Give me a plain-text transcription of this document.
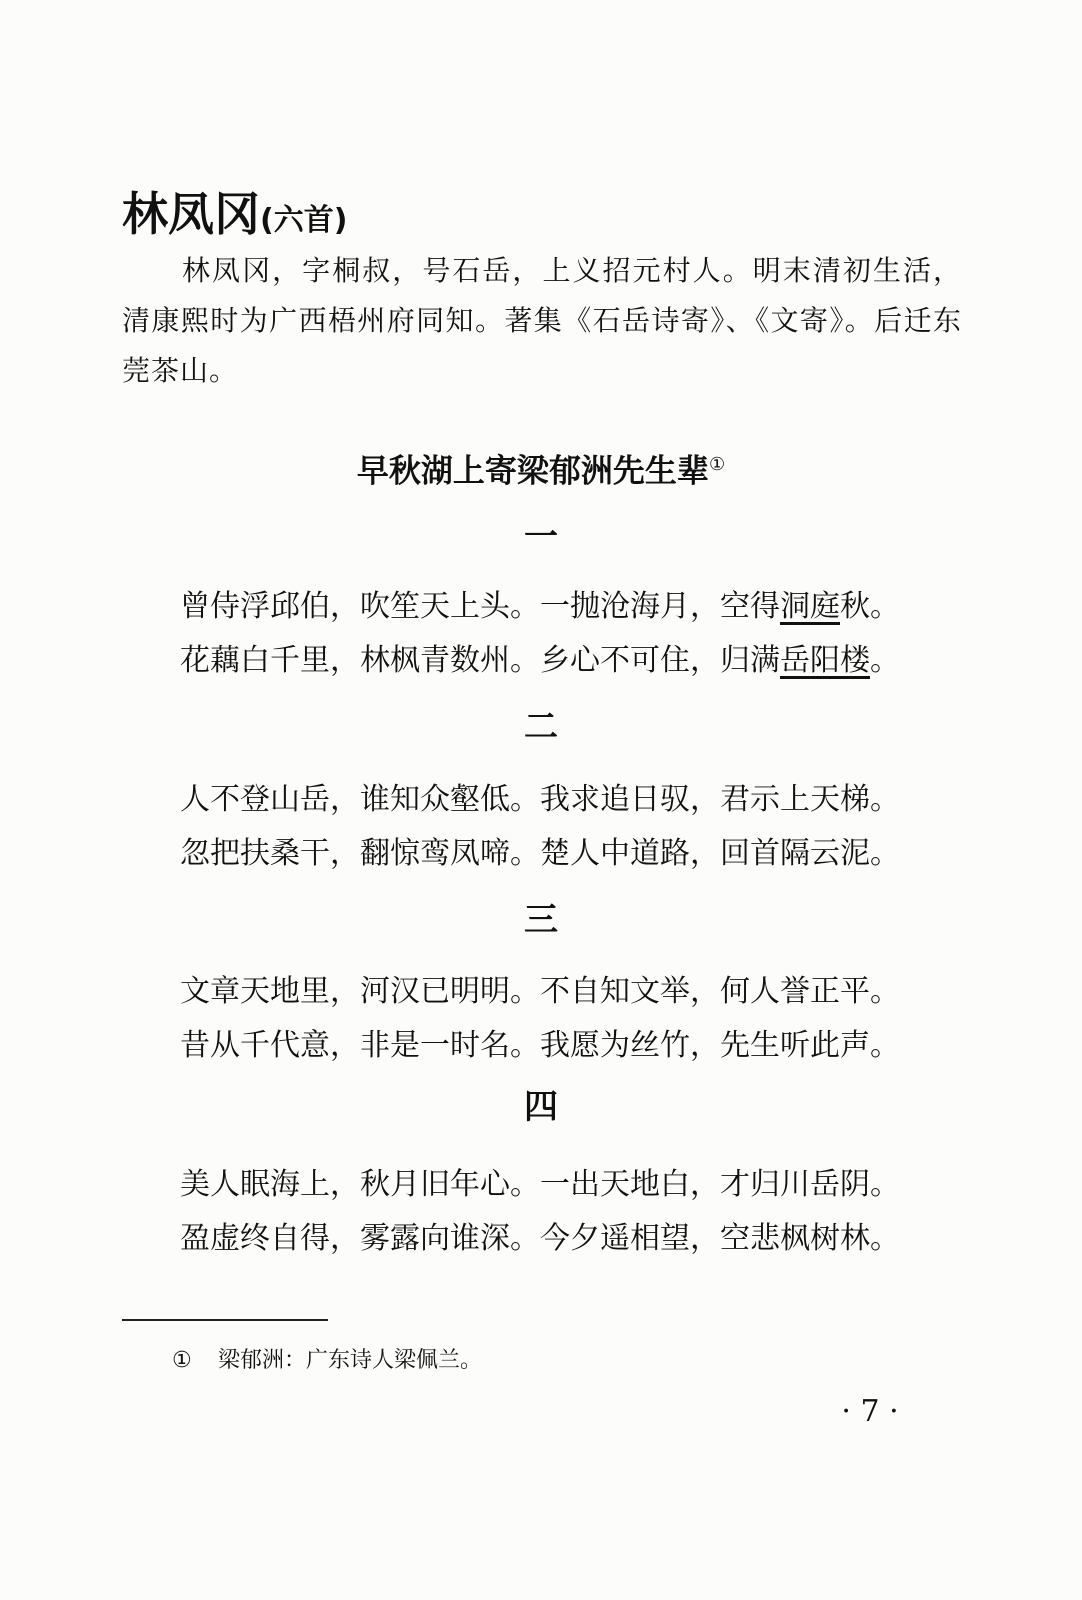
林凤冈(六首)

林凤冈，字桐叔，号石岳，上义招元村人。明末清初生活，清康熙时为广西梧州府同知。著集《石岳诗寄》、《文寄》。后迁东莞茶山。

早秋湖上寄梁郁洲先生辈①
一
曾侍浮邱伯，吹笙天上头。一抛沧海月，空得洞庭秋。
花藕白千里，林枫青数州。乡心不可住，归满岳阳楼。
二
人不登山岳，谁知众壑低。我求追日驭，君示上天梯。
忽把扶桑干，翻惊鸾凤啼。楚人中道路，回首隔云泥。
三
文章天地里，河汉已明明。不自知文举，何人誉正平。
昔从千代意，非是一时名。我愿为丝竹，先生听此声。
四
美人眠海上，秋月旧年心。一出天地白，才归川岳阴。
盈虚终自得，雾露向谁深。今夕遥相望，空悲枫树林。

① 梁郁洲：广东诗人梁佩兰。

· 7 ·
